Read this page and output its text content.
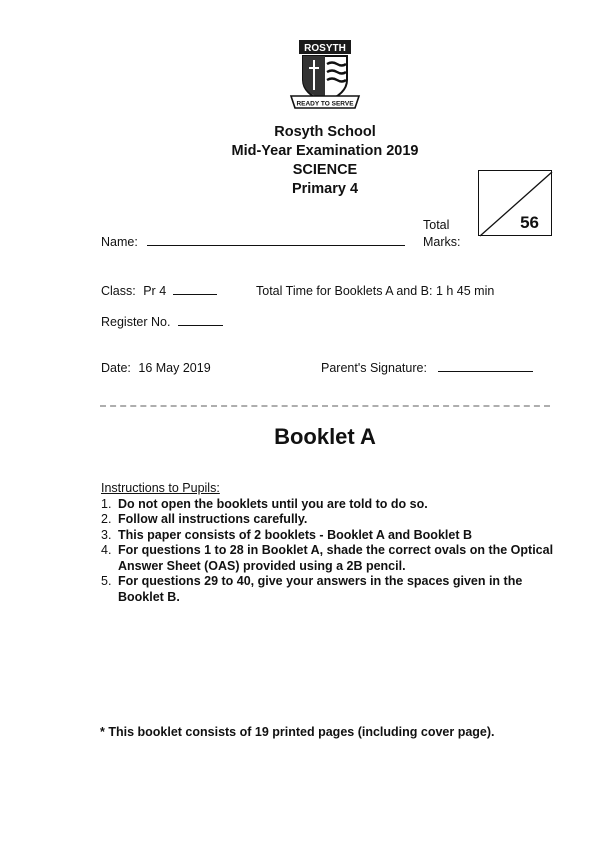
ROSYTH
READY TO SERVE
Rosyth School
Mid-Year Examination 2019
SCIENCE
Primary 4
Total
Marks:
56
Name:
Class: Pr 4	Total Time for Booklets A and B: 1 h 45 min
Register No.
Date: 16 May 2019	Parent's Signature:
Booklet A
Instructions to Pupils:
1. Do not open the booklets until you are told to do so.
2. Follow all instructions carefully.
3. This paper consists of 2 booklets - Booklet A and Booklet B
4. For questions 1 to 28 in Booklet A, shade the correct ovals on the Optical Answer Sheet (OAS) provided using a 2B pencil.
5. For questions 29 to 40, give your answers in the spaces given in the Booklet B.
* This booklet consists of 19 printed pages (including cover page).
